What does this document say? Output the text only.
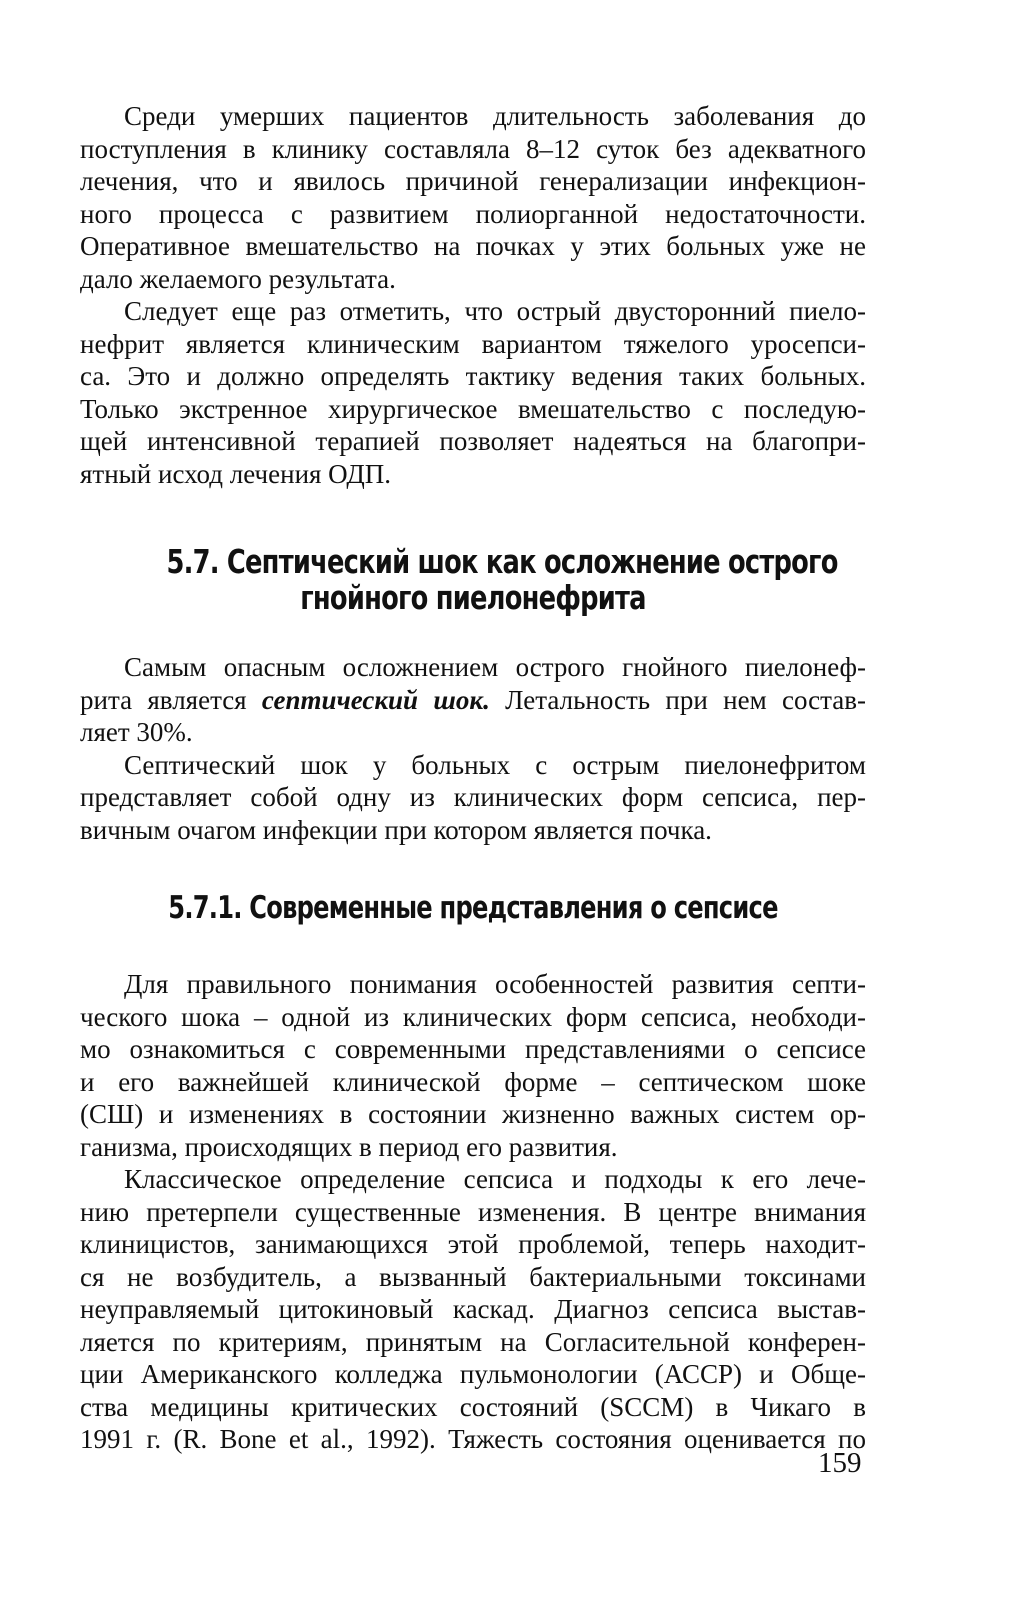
Среди умерших пациентов длительность заболевания до
поступления в клинику составляла 8–12 суток без адекватного
лечения, что и явилось причиной генерализации инфекцион-
ного процесса с развитием полиорганной недостаточности.
Оперативное вмешательство на почках у этих больных уже не
дало желаемого результата.
Следует еще раз отметить, что острый двусторонний пиело-
нефрит является клиническим вариантом тяжелого уросепси-
са. Это и должно определять тактику ведения таких больных.
Только экстренное хирургическое вмешательство с последую-
щей интенсивной терапией позволяет надеяться на благопри-
ятный исход лечения ОДП.
5.7. Септический шок как осложнение острого
гнойного пиелонефрита
Самым опасным осложнением острого гнойного пиелонеф-
рита является септический шок. Летальность при нем состав-
ляет 30%.
Септический шок у больных с острым пиелонефритом
представляет собой одну из клинических форм сепсиса, пер-
вичным очагом инфекции при котором является почка.
5.7.1. Современные представления о сепсисе
Для правильного понимания особенностей развития септи-
ческого шока – одной из клинических форм сепсиса, необходи-
мо ознакомиться с современными представлениями о сепсисе
и его важнейшей клинической форме – септическом шоке
(СШ) и изменениях в состоянии жизненно важных систем ор-
ганизма, происходящих в период его развития.
Классическое определение сепсиса и подходы к его лече-
нию претерпели существенные изменения. В центре внимания
клиницистов, занимающихся этой проблемой, теперь находит-
ся не возбудитель, а вызванный бактериальными токсинами
неуправляемый цитокиновый каскад. Диагноз сепсиса выстав-
ляется по критериям, принятым на Согласительной конферен-
ции Американского колледжа пульмонологии (АССР) и Обще-
ства медицины критических состояний (SCCM) в Чикаго в
1991 г. (R. Bone et al., 1992). Тяжесть состояния оценивается по
159
